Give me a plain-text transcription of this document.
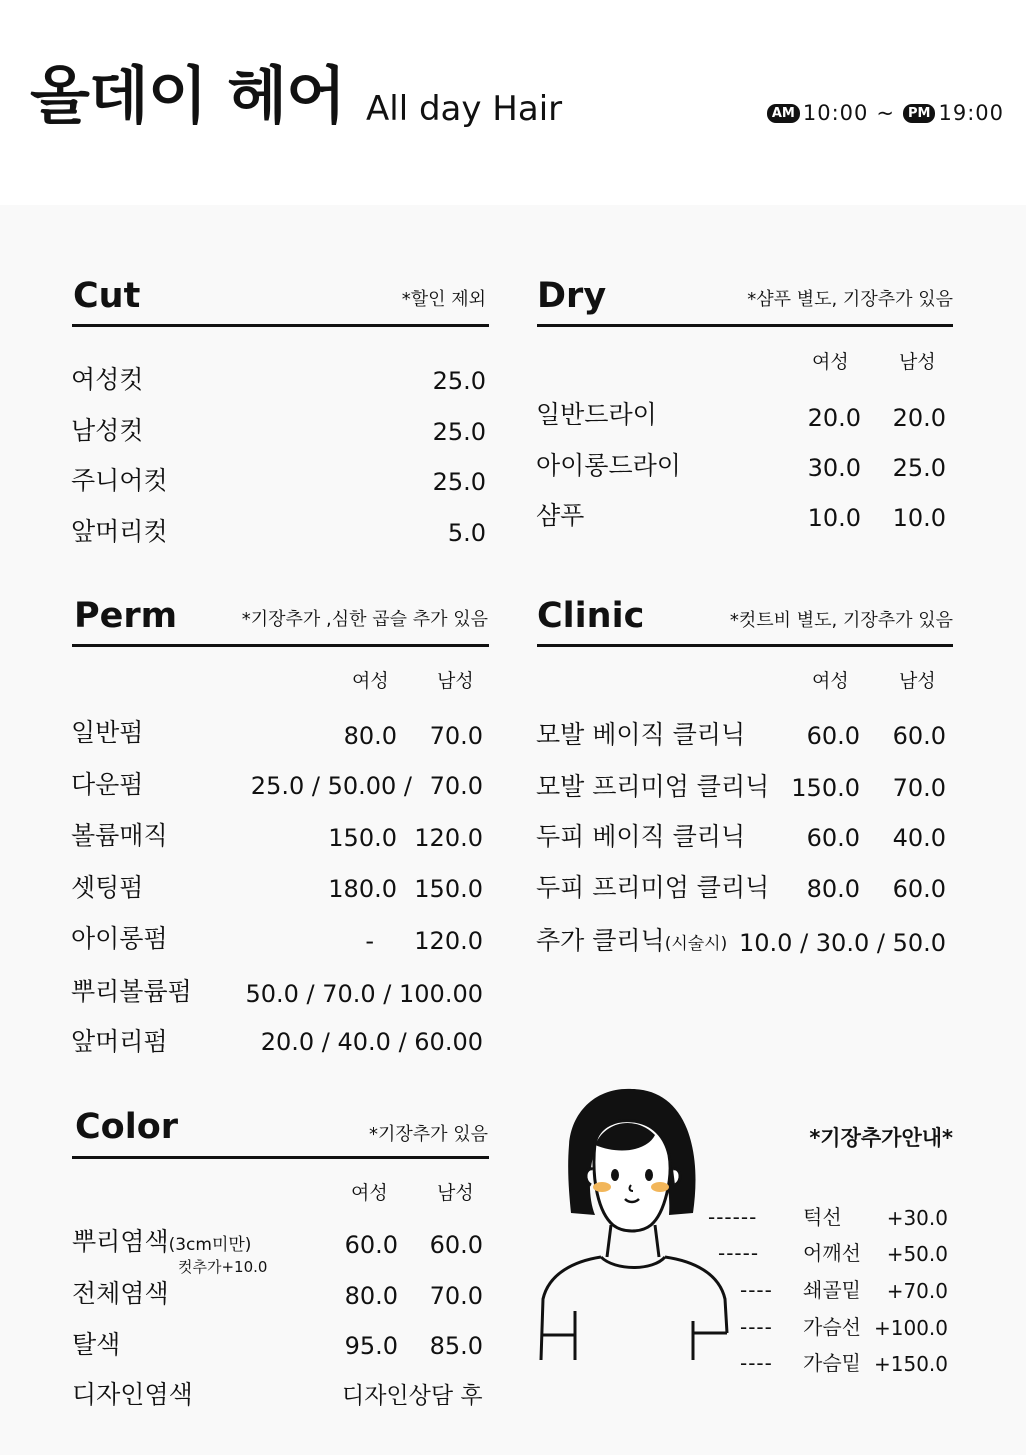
올데이 헤어 All day Hair	AM 10:00 ~	PM 19:00
Cut	*할인 제외
여성컷	25.0
남성컷	25.0
주니어컷	25.0
앞머리컷	5.0
Dry	*샴푸 별도, 기장추가 있음
여성	남성
일반드라이	20.0 20.0
아이롱드라이	30.0 25.0
샴푸	10.0 10.0
Perm	*기장추가 ,심한 곱슬 추가 있음
여성	남성
일반펌	80.0 70.0
다운펌	25.0 / 50.00 / 70.0
볼륨매직	150.0 120.0
셋팅펌	180.0 150.0
아이롱펌	- 120.0
뿌리볼륨펌 50.0 / 70.0 / 100.00
앞머리펌	20.0 / 40.0 / 60.00
Clinic	*컷트비 별도, 기장추가 있음
여성	남성
모발 베이직 클리닉	60.0 60.0
모발 프리미엄 클리닉 150.0 70.0
두피 베이직 클리닉	60.0 40.0
두피 프리미엄 클리닉 80.0 60.0
추가 클리닉(시술시) 10.0 / 30.0 / 50.0
Color	*기장추가 있음
여성	남성
뿌리염색(3cm미만)
컷추가+10.0
60.0 60.0
전체염색	80.0 70.0
탈색	95.0 85.0
디자인염색	디자인상담 후
*기장추가안내*
------ 턱선 +30.0
----- 어깨선 +50.0
---- 쇄골밑 +70.0
---- 가슴선 +100.0
---- 가슴밑 +150.0
